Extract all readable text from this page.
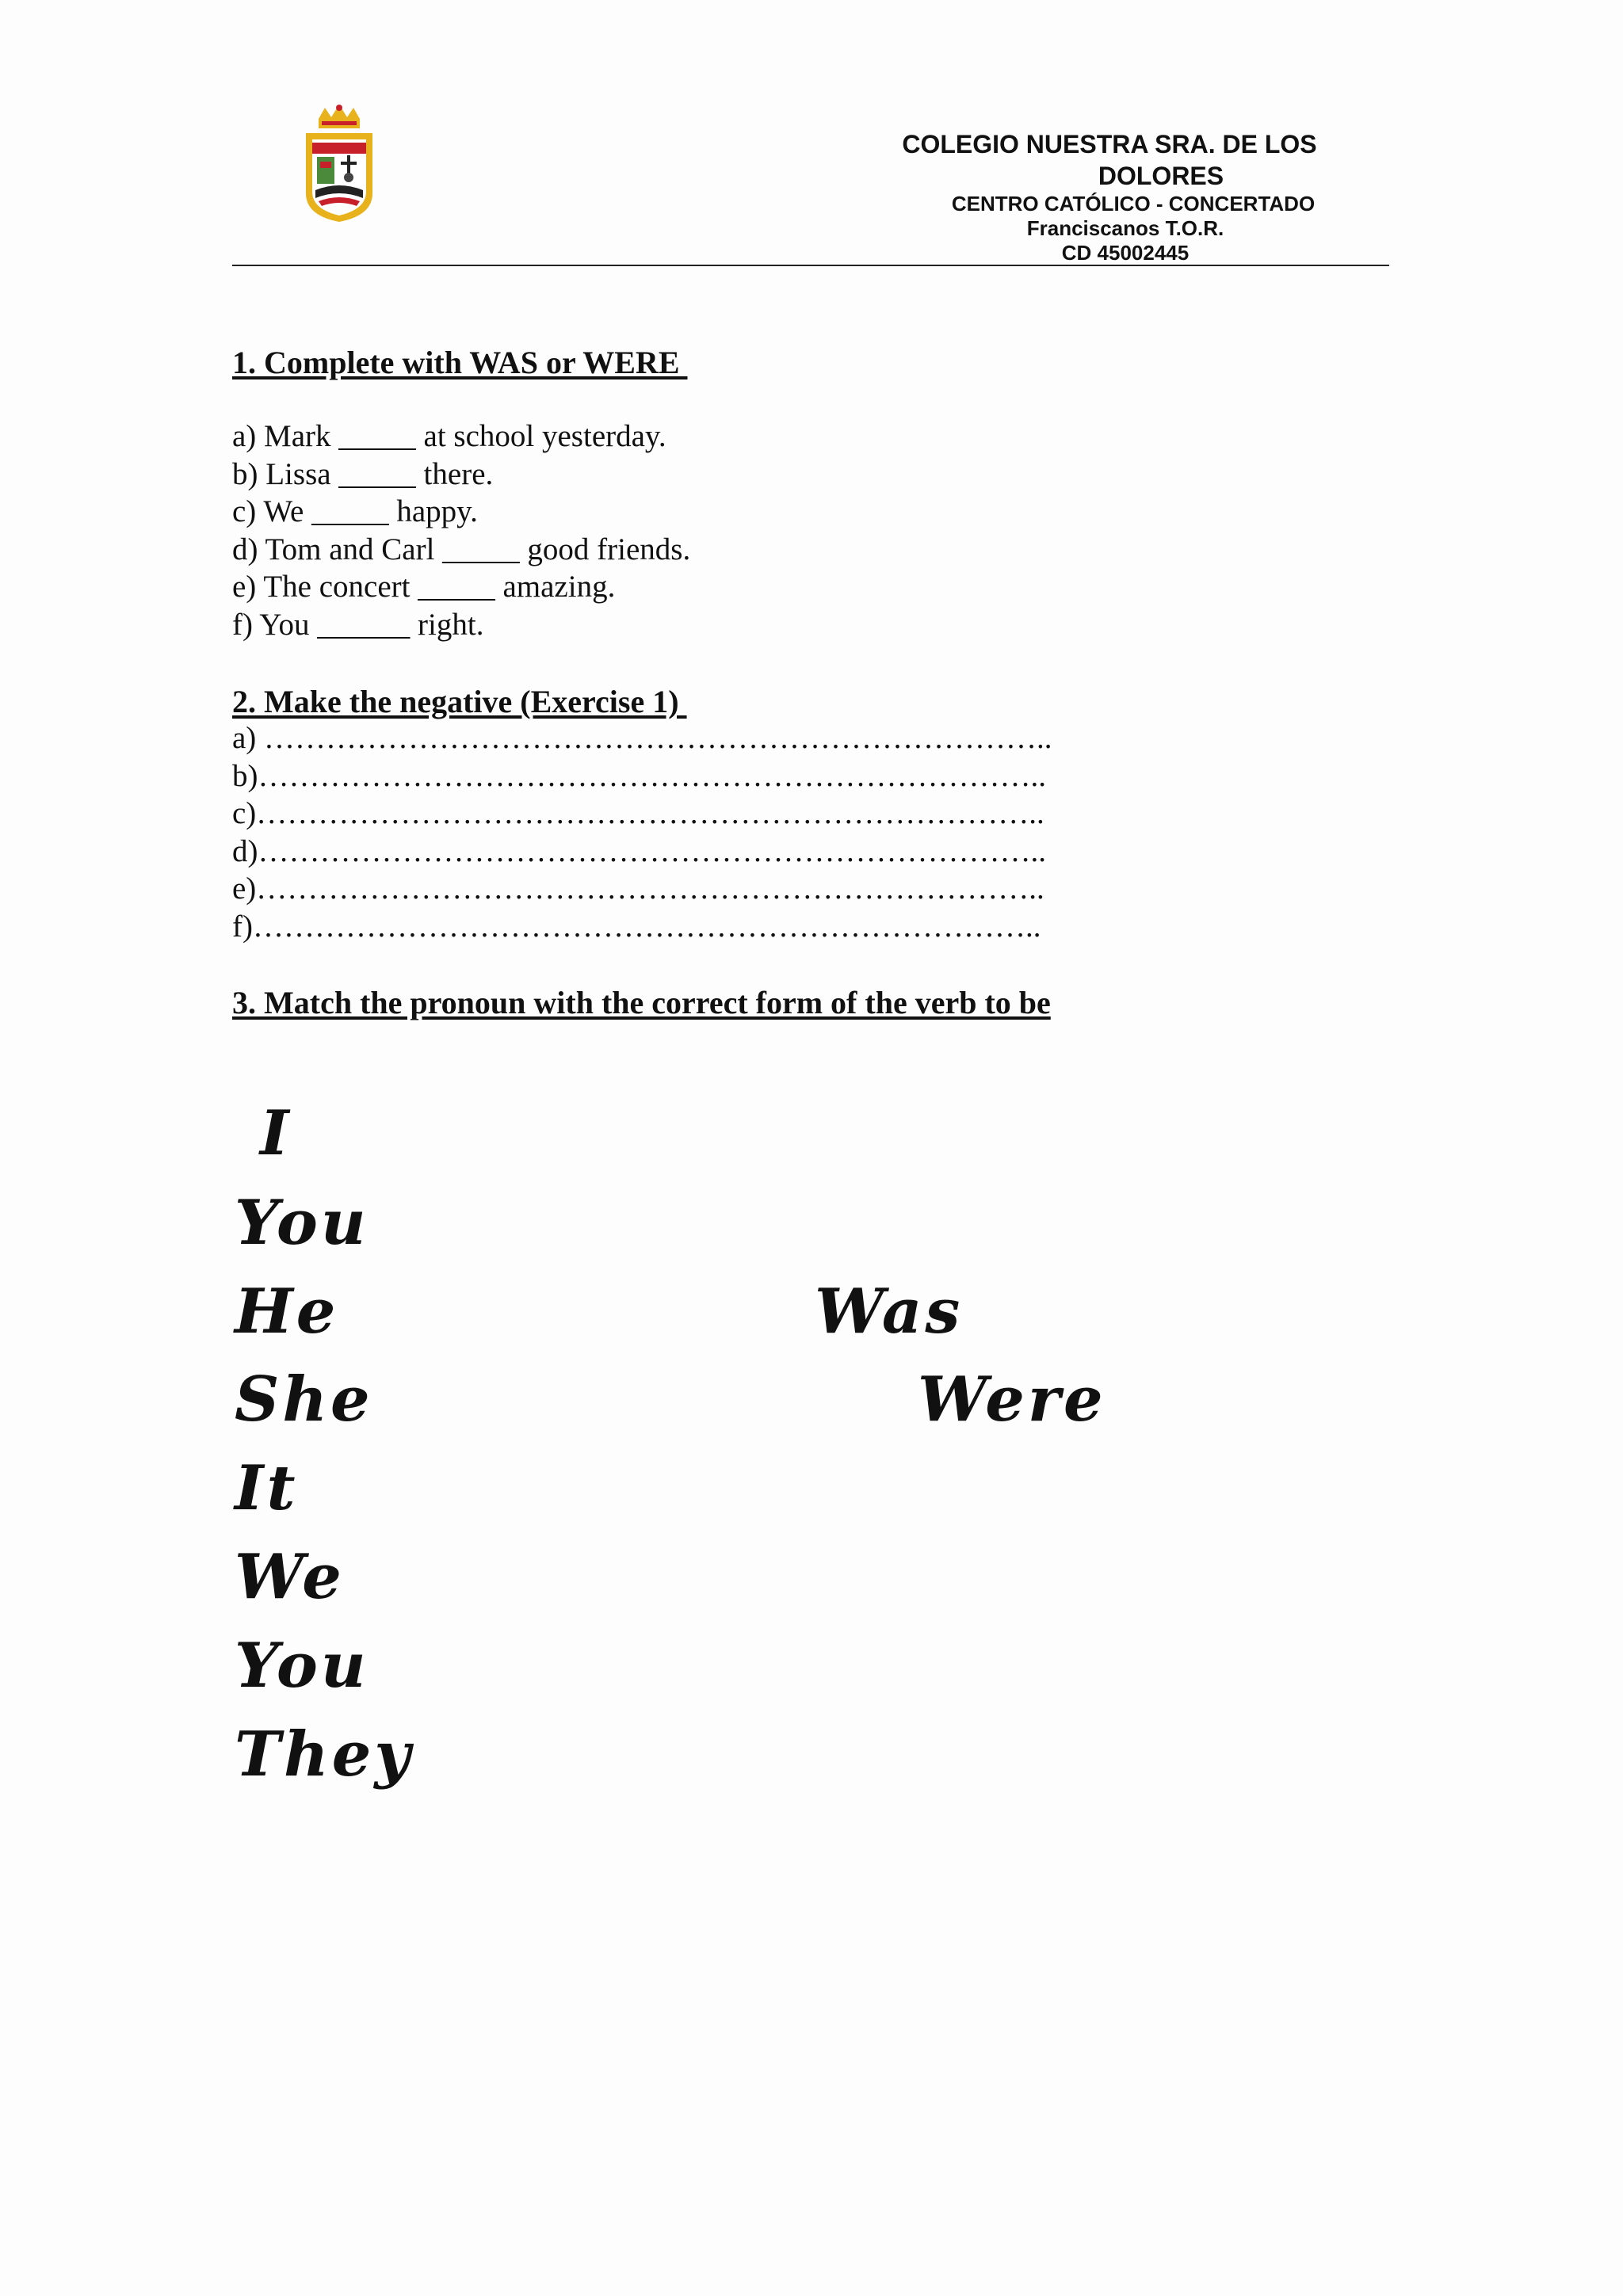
COLEGIO NUESTRA SRA. DE LOS
DOLORES
CENTRO CATÓLICO - CONCERTADO
Franciscanos T.O.R.
CD 45002445
1. Complete with WAS or WERE
a) Mark _____ at school yesterday.
b) Lissa _____ there.
c) We _____ happy.
d) Tom and Carl _____ good friends.
e) The concert _____ amazing.
f) You ______ right.
2. Make the negative (Exercise 1)
a) …………………………………………………………………..
b)…………………………………………………………………..
c)…………………………………………………………………..
d)…………………………………………………………………..
e)…………………………………………………………………..
f)…………………………………………………………………..
3. Match the pronoun with the correct form of the verb to be
I
You
He
She
It
We
You
They
Was
Were
